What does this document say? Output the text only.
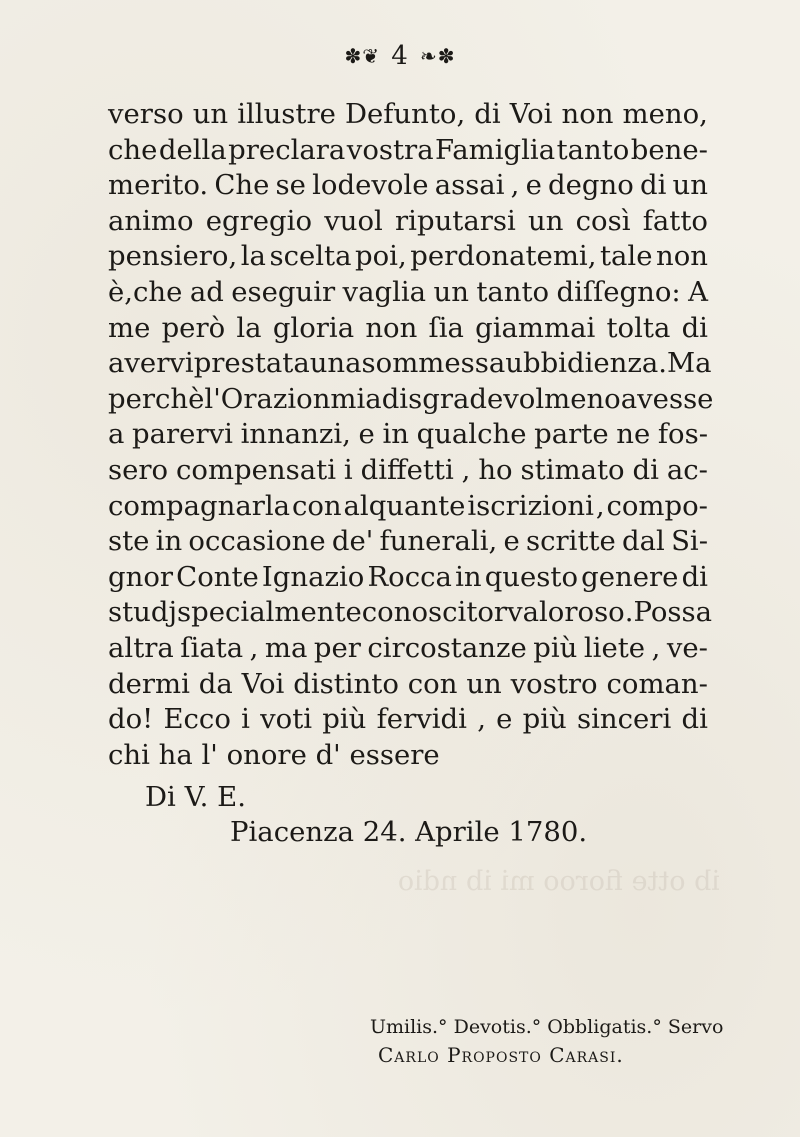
✽❦ 4 ❧✽
ib otte fioroo mi ib ndio
verso un illustre Defunto, di Voi non meno,
che della preclara vostra Famiglia tanto bene-
merito. Che se lodevole assai , e degno di un
animo egregio vuol riputarsi un così fatto
pensiero, la scelta poi, perdonatemi, tale non
è,che ad eseguir vaglia un tanto diſſegno: A
me però la gloria non ſia giammai tolta di
avervi prestata una sommessa ubbidienza. Ma
perchè l' Orazion mia disgradevol meno avesse
a parervi innanzi, e in qualche parte ne fos-
sero compensati i diffetti , ho stimato di ac-
compagnarla con alquante iscrizioni , compo-
ste in occasione de' funerali, e scritte dal Si-
gnor Conte Ignazio Rocca in questo genere di
studj specialmente conoscitor valoroso . Possa
altra ſiata , ma per circostanze più liete , ve-
dermi da Voi distinto con un vostro coman-
do! Ecco i voti più fervidi , e più sinceri di
chi ha l' onore d' essere
Di V. E.
Piacenza 24. Aprile 1780.
Umilis.° Devotis.° Obbligatis.° Servo
Carlo Proposto Carasi.
